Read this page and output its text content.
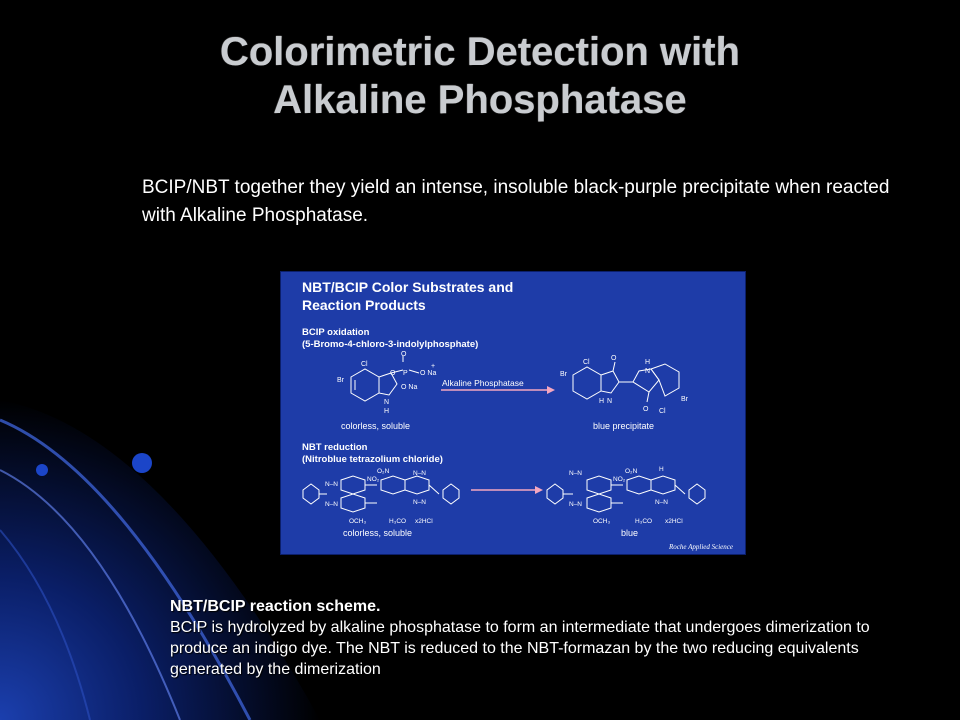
Colorimetric Detection with
Alkaline Phosphatase
BCIP/NBT together they yield an intense, insoluble black-purple precipitate when reacted with Alkaline Phosphatase.
NBT/BCIP Color Substrates and
Reaction Products
BCIP oxidation
(5-Bromo-4-chloro-3-indolylphosphate)
Cl
Br
N
H
O P
O
O Na
O Na
+
colorless, soluble
Alkaline Phosphatase
Cl
Br
O
N
H
H
N
O Cl
Br
blue precipitate
NBT reduction
(Nitroblue tetrazolium chloride)
N–N
N–N
NO₂
O₂N	N–N
N–N
OCH₃	H₃CO x2HCl
colorless, soluble
N–N
N–N
NO₂
O₂N	H
N–N
OCH₃	H₃CO x2HCl
blue
Roche Applied Science
NBT/BCIP reaction scheme.
BCIP is hydrolyzed by alkaline phosphatase to form an intermediate that undergoes dimerization to produce an indigo dye. The NBT is reduced to the NBT-formazan by the two reducing equivalents generated by the dimerization
